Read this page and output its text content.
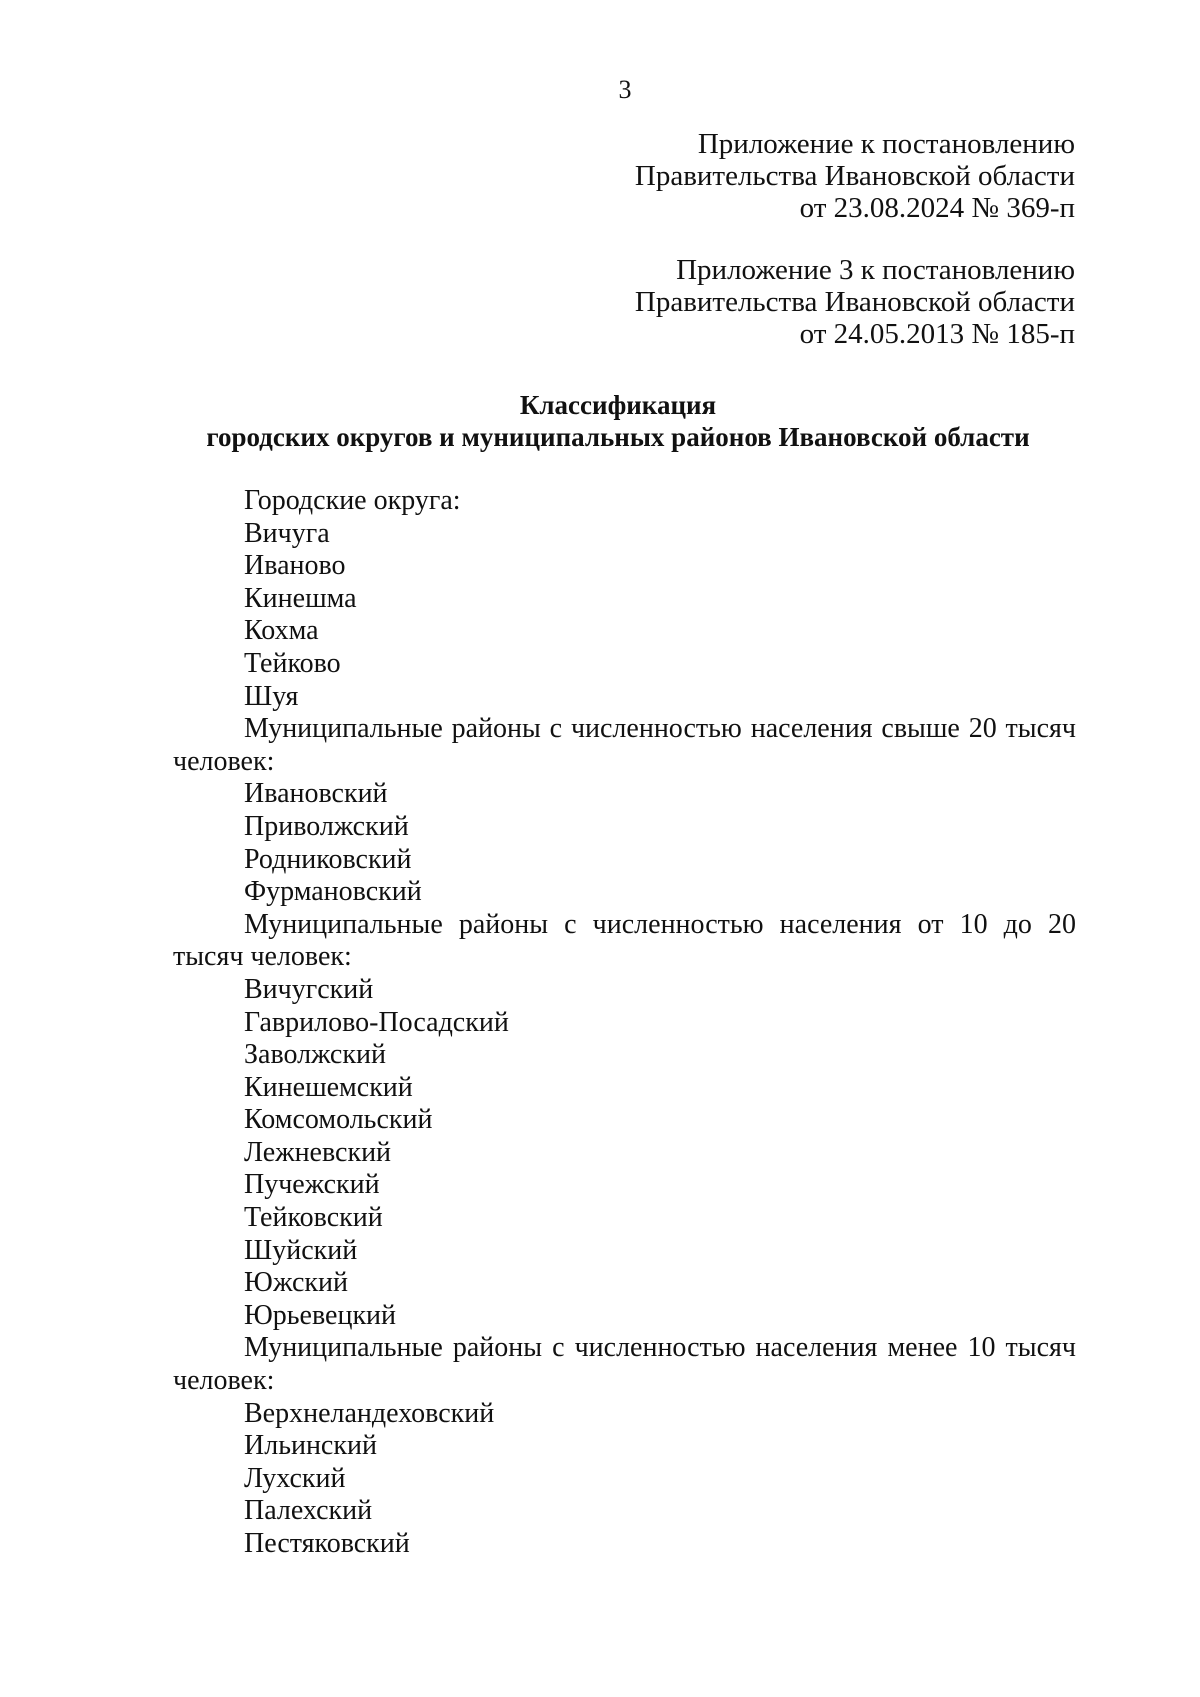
3
Приложение к постановлению
Правительства Ивановской области
от 23.08.2024 № 369-п
Приложение 3 к постановлению
Правительства Ивановской области
от 24.05.2013 № 185-п
Классификация
городских округов и муниципальных районов Ивановской области
Городские округа:
Вичуга
Иваново
Кинешма
Кохма
Тейково
Шуя
Муниципальные районы с численностью населения свыше 20 тысяч человек:
Ивановский
Приволжский
Родниковский
Фурмановский
Муниципальные районы с численностью населения от 10 до 20 тысяч человек:
Вичугский
Гаврилово-Посадский
Заволжский
Кинешемский
Комсомольский
Лежневский
Пучежский
Тейковский
Шуйский
Южский
Юрьевецкий
Муниципальные районы с численностью населения менее 10 тысяч человек:
Верхнеландеховский
Ильинский
Лухский
Палехский
Пестяковский
